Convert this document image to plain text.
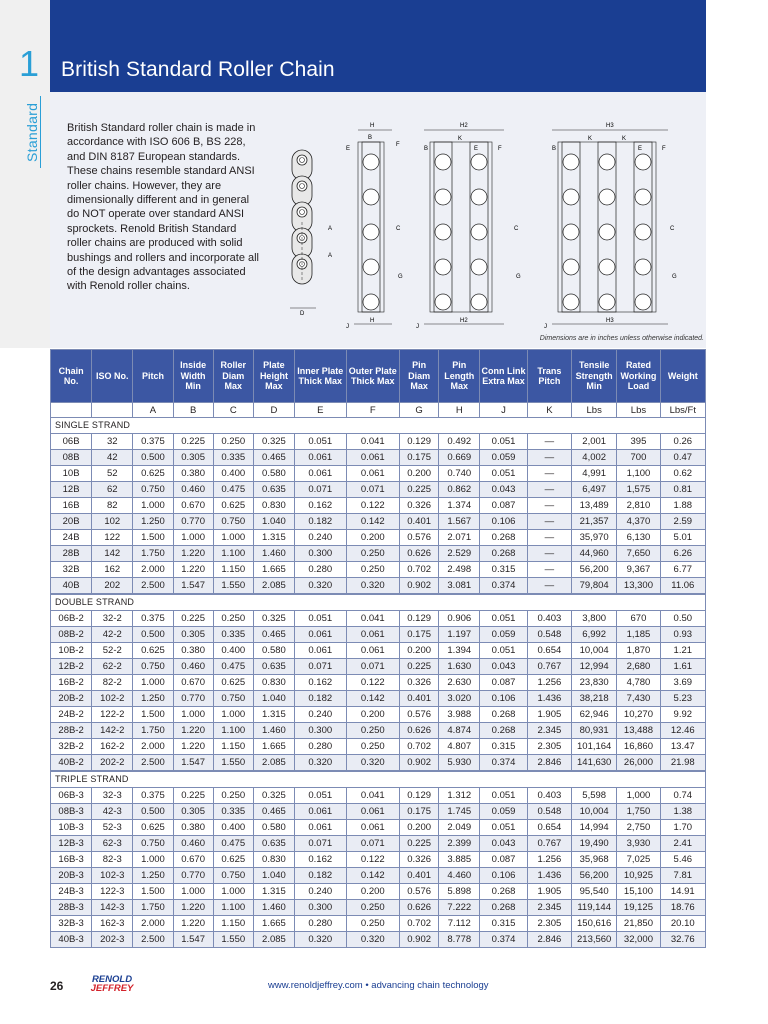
British Standard Roller Chain
1
Standard British Standard roller chain is made in accordance with ISO 606 B, BS 228, and DIN 8187 European standards. These chains resemble standard ANSI roller chains. However, they are dimensionally different and in general do NOT operate over standard ANSI sprockets. Renold British Standard roller chains are produced with solid bushings and rollers and incorporate all of the design advantages associated with Renold roller chains.

A
A
D
H
B
E
F
C
G
J
H
H2
K
B	E	F
C
G
J
H2
H3
K	K
B	E	F
C
G
J
H3
Dimensions are in inches unless otherwise indicated.
Chain No.	ISO No.	Pitch	Inside Width Min	Roller Diam Max	Plate Height Max	Inner Plate Thick Max	Outer Plate Thick Max	Pin Diam Max	Pin Length Max	Conn Link Extra Max	Trans Pitch	Tensile Strength Min	Rated Working Load	Weight
		A	B	C	D	E	F	G	H	J	K	Lbs	Lbs	Lbs/Ft
SINGLE STRAND														
06B	32	0.375	0.225	0.250	0.325	0.051	0.041	0.129	0.492	0.051	—	2,001	395	0.26
08B	42	0.500	0.305	0.335	0.465	0.061	0.061	0.175	0.669	0.059	—	4,002	700	0.47
10B	52	0.625	0.380	0.400	0.580	0.061	0.061	0.200	0.740	0.051	—	4,991	1,100	0.62
12B	62	0.750	0.460	0.475	0.635	0.071	0.071	0.225	0.862	0.043	—	6,497	1,575	0.81
16B	82	1.000	0.670	0.625	0.830	0.162	0.122	0.326	1.374	0.087	—	13,489	2,810	1.88
20B	102	1.250	0.770	0.750	1.040	0.182	0.142	0.401	1.567	0.106	—	21,357	4,370	2.59
24B	122	1.500	1.000	1.000	1.315	0.240	0.200	0.576	2.071	0.268	—	35,970	6,130	5.01
28B	142	1.750	1.220	1.100	1.460	0.300	0.250	0.626	2.529	0.268	—	44,960	7,650	6.26
32B	162	2.000	1.220	1.150	1.665	0.280	0.250	0.702	2.498	0.315	—	56,200	9,367	6.77
40B	202	2.500	1.547	1.550	2.085	0.320	0.320	0.902	3.081	0.374	—	79,804	13,300	11.06
DOUBLE STRAND														
06B-2	32-2	0.375	0.225	0.250	0.325	0.051	0.041	0.129	0.906	0.051	0.403	3,800	670	0.50
08B-2	42-2	0.500	0.305	0.335	0.465	0.061	0.061	0.175	1.197	0.059	0.548	6,992	1,185	0.93
10B-2	52-2	0.625	0.380	0.400	0.580	0.061	0.061	0.200	1.394	0.051	0.654	10,004	1,870	1.21
12B-2	62-2	0.750	0.460	0.475	0.635	0.071	0.071	0.225	1.630	0.043	0.767	12,994	2,680	1.61
16B-2	82-2	1.000	0.670	0.625	0.830	0.162	0.122	0.326	2.630	0.087	1.256	23,830	4,780	3.69
20B-2	102-2	1.250	0.770	0.750	1.040	0.182	0.142	0.401	3.020	0.106	1.436	38,218	7,430	5.23
24B-2	122-2	1.500	1.000	1.000	1.315	0.240	0.200	0.576	3.988	0.268	1.905	62,946	10,270	9.92
28B-2	142-2	1.750	1.220	1.100	1.460	0.300	0.250	0.626	4.874	0.268	2.345	80,931	13,488	12.46
32B-2	162-2	2.000	1.220	1.150	1.665	0.280	0.250	0.702	4.807	0.315	2.305	101,164	16,860	13.47
40B-2	202-2	2.500	1.547	1.550	2.085	0.320	0.320	0.902	5.930	0.374	2.846	141,630	26,000	21.98
TRIPLE STRAND														
06B-3	32-3	0.375	0.225	0.250	0.325	0.051	0.041	0.129	1.312	0.051	0.403	5,598	1,000	0.74
08B-3	42-3	0.500	0.305	0.335	0.465	0.061	0.061	0.175	1.745	0.059	0.548	10,004	1,750	1.38
10B-3	52-3	0.625	0.380	0.400	0.580	0.061	0.061	0.200	2.049	0.051	0.654	14,994	2,750	1.70
12B-3	62-3	0.750	0.460	0.475	0.635	0.071	0.071	0.225	2.399	0.043	0.767	19,490	3,930	2.41
16B-3	82-3	1.000	0.670	0.625	0.830	0.162	0.122	0.326	3.885	0.087	1.256	35,968	7,025	5.46
20B-3	102-3	1.250	0.770	0.750	1.040	0.182	0.142	0.401	4.460	0.106	1.436	56,200	10,925	7.81
24B-3	122-3	1.500	1.000	1.000	1.315	0.240	0.200	0.576	5.898	0.268	1.905	95,540	15,100	14.91
28B-3	142-3	1.750	1.220	1.100	1.460	0.300	0.250	0.626	7.222	0.268	2.345	119,144	19,125	18.76
32B-3	162-3	2.000	1.220	1.150	1.665	0.280	0.250	0.702	7.112	0.315	2.305	150,616	21,850	20.10
40B-3	202-3	2.500	1.547	1.550	2.085	0.320	0.320	0.902	8.778	0.374	2.846	213,560	32,000	32.76
26	RENOLD
JEFFREY	www.renoldjeffrey.com • advancing chain technology
